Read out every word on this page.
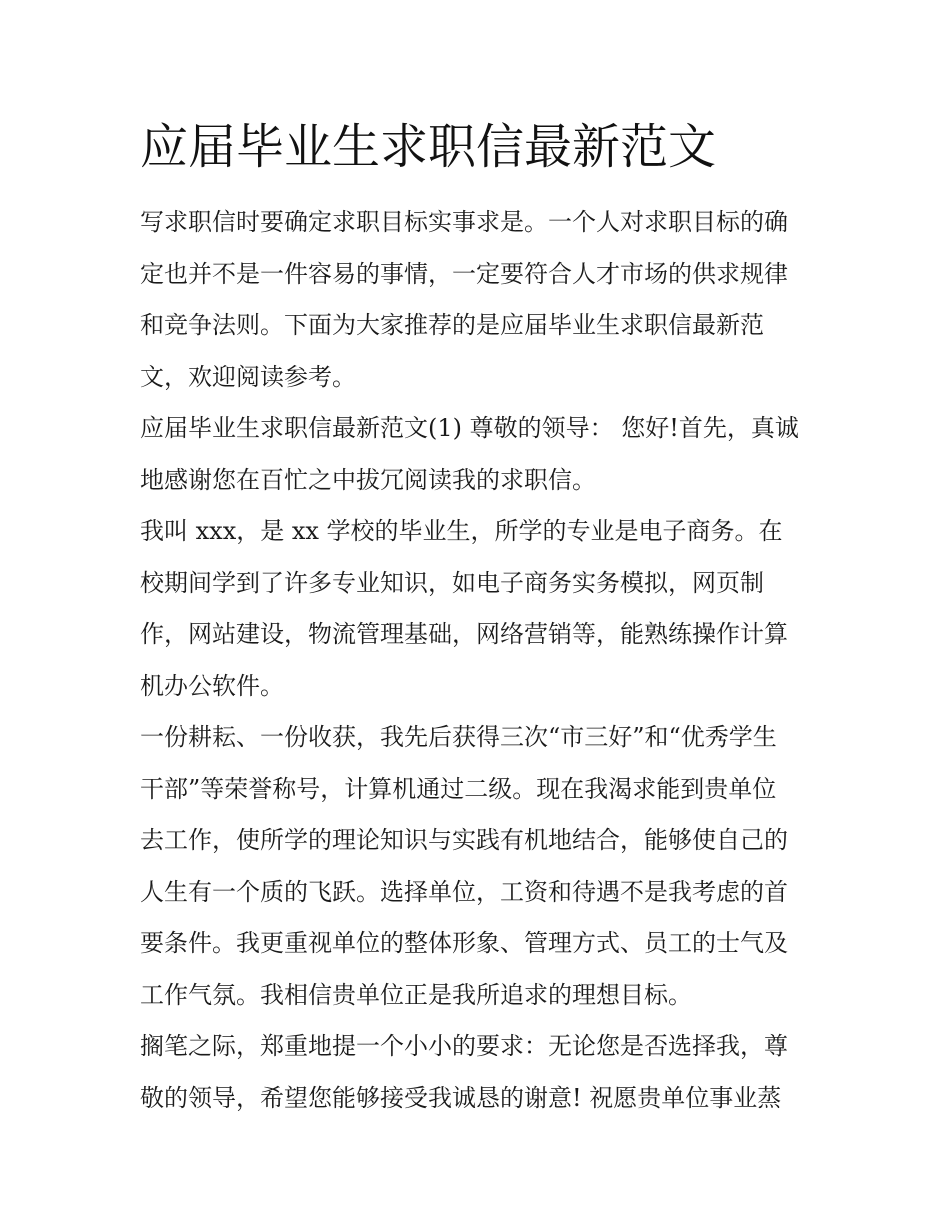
应届毕业生求职信最新范文
写求职信时要确定求职目标实事求是。一个人对求职目标的确
定也并不是一件容易的事情，一定要符合人才市场的供求规律
和竞争法则。下面为大家推荐的是应届毕业生求职信最新范
文，欢迎阅读参考。
应届毕业生求职信最新范文(1) 尊敬的领导： 您好!首先，真诚
地感谢您在百忙之中拔冗阅读我的求职信。
我叫 xxx，是 xx 学校的毕业生，所学的专业是电子商务。在
校期间学到了许多专业知识，如电子商务实务模拟，网页制
作，网站建设，物流管理基础，网络营销等，能熟练操作计算
机办公软件。
一份耕耘、一份收获，我先后获得三次“市三好”和“优秀学生
干部”等荣誉称号，计算机通过二级。现在我渴求能到贵单位
去工作，使所学的理论知识与实践有机地结合，能够使自己的
人生有一个质的飞跃。选择单位，工资和待遇不是我考虑的首
要条件。我更重视单位的整体形象、管理方式、员工的士气及
工作气氛。我相信贵单位正是我所追求的理想目标。
搁笔之际，郑重地提一个小小的要求：无论您是否选择我，尊
敬的领导，希望您能够接受我诚恳的谢意! 祝愿贵单位事业蒸
